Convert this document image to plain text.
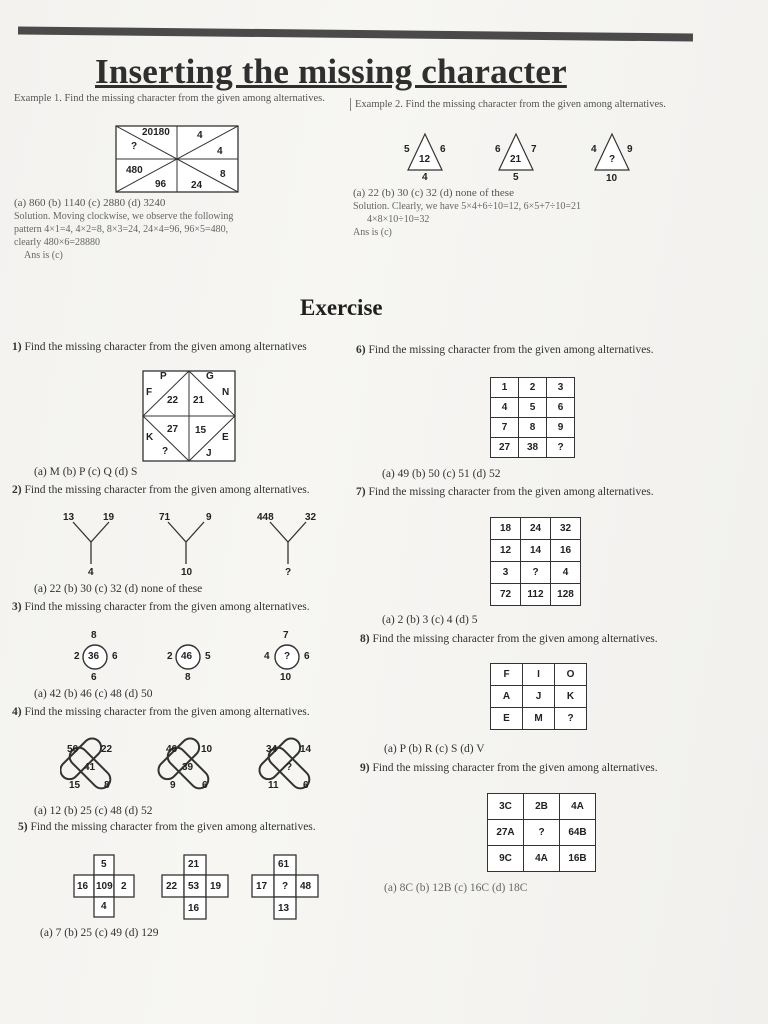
Inserting the missing character
Example 1. Find the missing character from the given among alternatives.
20180	4
?	4
480	8
96 24
(a) 860 (b) 1140 (c) 2880 (d) 3240
Solution. Moving clockwise, we observe the following
pattern 4×1=4, 4×2=8, 8×3=24, 24×4=96, 96×5=480,
clearly 480×6=28880
Ans is (c)
Example 2. Find the missing character from the given among alternatives.
5	6
12
4
6	7
21
5
4	9
?
10
(a) 22 (b) 30 (c) 32 (d) none of these
Solution. Clearly, we have 5×4+6÷10=12, 6×5+7÷10=21
4×8×10÷10=32
Ans is (c)
Exercise
1) Find the missing character from the given among alternatives
P	G
F	N
22 21
27 15
K	E
?	J
(a) M (b) P (c) Q (d) S
2) Find the missing character from the given among alternatives.
13	19
4
71	9
10
448	32
?
(a) 22 (b) 30 (c) 32 (d) none of these
3) Find the missing character from the given among alternatives.
8
2 36 6
6
2 46 5
8
7
4 ? 6
10
(a) 42 (b) 46 (c) 48 (d) 50
4) Find the missing character from the given among alternatives.
56 22
41
15 8
46 10
39
9	6
34 14
?
11 6
(a) 12 (b) 25 (c) 48 (d) 52
5) Find the missing character from the given among alternatives.
5
16 109 2
4
21
22 53 19
16
61
17 ? 48
13
(a) 7 (b) 25 (c) 49 (d) 129
6) Find the missing character from the given among alternatives.
1	2	3
4	5	6
7	8	9
27	38	?
(a) 49 (b) 50 (c) 51 (d) 52
7) Find the missing character from the given among alternatives.
18	24	32
12	14	16
3	?	4
72	112	128
(a) 2 (b) 3 (c) 4 (d) 5
8) Find the missing character from the given among alternatives.
F	I	O
A	J	K
E	M	?
(a) P (b) R (c) S (d) V
9) Find the missing character from the given among alternatives.
3C	2B	4A
27A	?	64B
9C	4A	16B
(a) 8C (b) 12B (c) 16C (d) 18C
